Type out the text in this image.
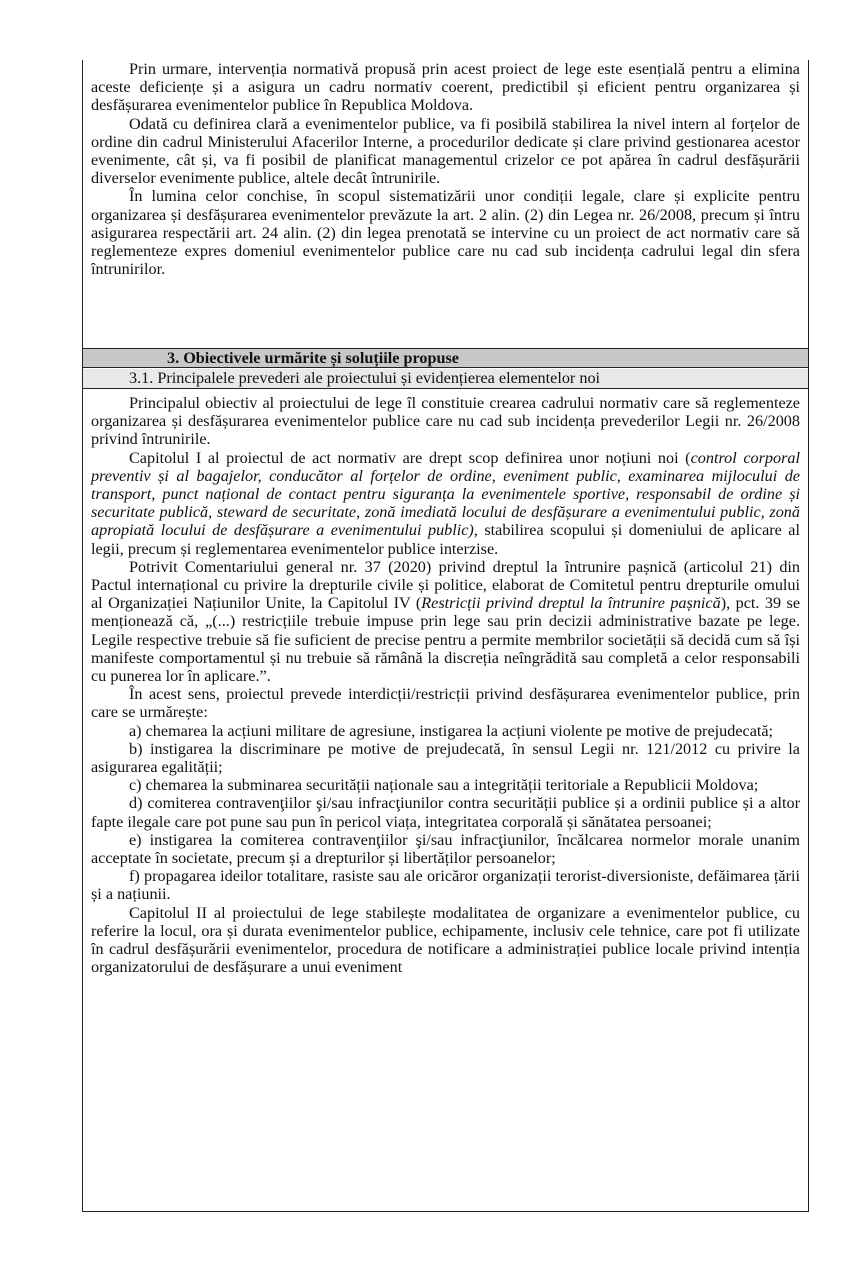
Prin urmare, intervenția normativă propusă prin acest proiect de lege este esențială pentru a elimina aceste deficiențe și a asigura un cadru normativ coerent, predictibil și eficient pentru organizarea și desfășurarea evenimentelor publice în Republica Moldova.

Odată cu definirea clară a evenimentelor publice, va fi posibilă stabilirea la nivel intern al forțelor de ordine din cadrul Ministerului Afacerilor Interne, a procedurilor dedicate și clare privind gestionarea acestor evenimente, cât și, va fi posibil de planificat managementul crizelor ce pot apărea în cadrul desfășurării diverselor evenimente publice, altele decât întrunirile.

În lumina celor conchise, în scopul sistematizării unor condiții legale, clare și explicite pentru organizarea și desfășurarea evenimentelor prevăzute la art. 2 alin. (2) din Legea nr. 26/2008, precum și întru asigurarea respectării art. 24 alin. (2) din legea prenotată se intervine cu un proiect de act normativ care să reglementeze expres domeniul evenimentelor publice care nu cad sub incidența cadrului legal din sfera întrunirilor.

3. Obiectivele urmărite și soluțiile propuse
3.1. Principalele prevederi ale proiectului și evidențierea elementelor noi

Principalul obiectiv al proiectului de lege îl constituie crearea cadrului normativ care să reglementeze organizarea și desfășurarea evenimentelor publice care nu cad sub incidența prevederilor Legii nr. 26/2008 privind întrunirile.

Capitolul I al proiectul de act normativ are drept scop definirea unor noțiuni noi (control corporal preventiv și al bagajelor, conducător al forțelor de ordine, eveniment public, examinarea mijlocului de transport, punct național de contact pentru siguranța la evenimentele sportive, responsabil de ordine și securitate publică, steward de securitate, zonă imediată locului de desfășurare a evenimentului public, zonă apropiată locului de desfășurare a evenimentului public), stabilirea scopului și domeniului de aplicare al legii, precum și reglementarea evenimentelor publice interzise.

Potrivit Comentariului general nr. 37 (2020) privind dreptul la întrunire pașnică (articolul 21) din Pactul internațional cu privire la drepturile civile și politice, elaborat de Comitetul pentru drepturile omului al Organizației Națiunilor Unite, la Capitolul IV (Restricții privind dreptul la întrunire pașnică), pct. 39 se menționează că, „(...) restricțiile trebuie impuse prin lege sau prin decizii administrative bazate pe lege. Legile respective trebuie să fie suficient de precise pentru a permite membrilor societății să decidă cum să își manifeste comportamentul și nu trebuie să rămână la discreția neîngrădită sau completă a celor responsabili cu punerea lor în aplicare.”.

În acest sens, proiectul prevede interdicții/restricții privind desfășurarea evenimentelor publice, prin care se urmărește:

a) chemarea la acțiuni militare de agresiune, instigarea la acțiuni violente pe motive de prejudecată;

b) instigarea la discriminare pe motive de prejudecată, în sensul Legii nr. 121/2012 cu privire la asigurarea egalității;

c) chemarea la subminarea securității naționale sau a integrității teritoriale a Republicii Moldova;

d) comiterea contravenţiilor şi/sau infracţiunilor contra securității publice și a ordinii publice și a altor fapte ilegale care pot pune sau pun în pericol viața, integritatea corporală și sănătatea persoanei;

e) instigarea la comiterea contravenţiilor şi/sau infracţiunilor, încălcarea normelor morale unanim acceptate în societate, precum și a drepturilor și libertăților persoanelor;

f) propagarea ideilor totalitare, rasiste sau ale oricăror organizații terorist-diversioniste, defăimarea țării și a națiunii.

Capitolul II al proiectului de lege stabilește modalitatea de organizare a evenimentelor publice, cu referire la locul, ora și durata evenimentelor publice, echipamente, inclusiv cele tehnice, care pot fi utilizate în cadrul desfășurării evenimentelor, procedura de notificare a administrației publice locale privind intenția organizatorului de desfășurare a unui eveniment
